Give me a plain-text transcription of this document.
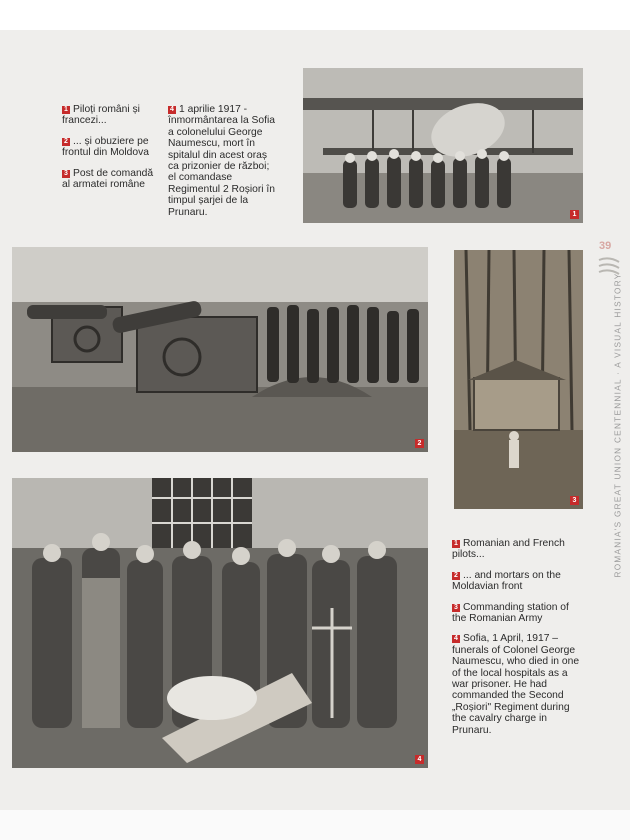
1 Piloți români și francezi...
2 ... și obuziere pe frontul din Moldova
3 Post de comandă al armatei române
4 1 aprilie 1917 - înmormântarea la Sofia a colonelului George Naumescu, mort în spitalul din acest oraș ca prizonier de război; el comandase Regimentul 2 Roșiori în timpul șarjei de la Prunaru.	1
2
3
4
1 Romanian and French pilots...
2 ... and mortars on the Moldavian front
3 Commanding station of the Romanian Army
4 Sofia, 1 April, 1917 – funerals of Colonel George Naumescu, who died in one of the local hospitals as a war prisoner. He had commanded the Second „Roșiori" Regiment during the cavalry charge in Prunaru.
39
ROMANIA'S GREAT UNION CENTENNIAL · A VISUAL HISTORY
